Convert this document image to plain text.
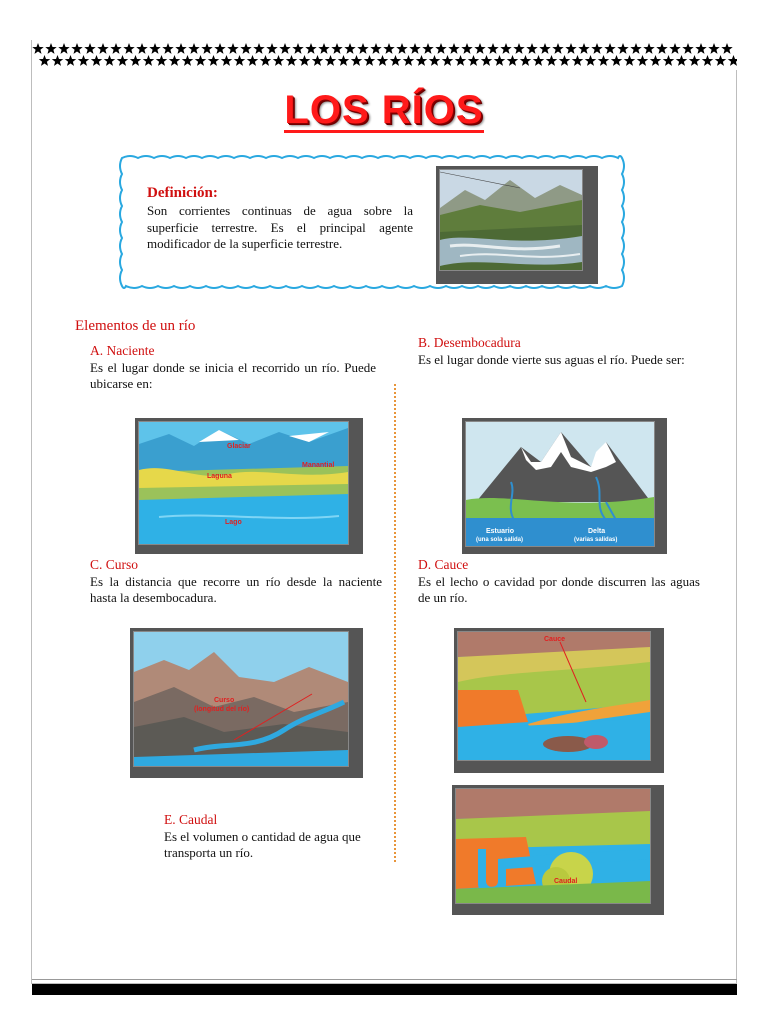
LOS RÍOS
Definición:
Son corrientes continuas de agua sobre la superficie terrestre. Es el principal agente modificador de la superficie terrestre.
Elementos de un río
A. Naciente
Es el lugar donde se inicia el recorrido un río. Puede ubicarse en:
B. Desembocadura
Es el lugar donde vierte sus aguas el río. Puede ser:
Glaciar
Laguna
Manantial
Lago
Estuario
(una sola salida)
Delta
(varias salidas)
C. Curso
Es la distancia que recorre un río desde la naciente hasta la desembocadura.
D. Cauce
Es el lecho o cavidad por donde discurren las aguas de un río.
Curso
(longitud del río)
Cauce
E. Caudal
Es el volumen o cantidad de agua que transporta un río.
Caudal
